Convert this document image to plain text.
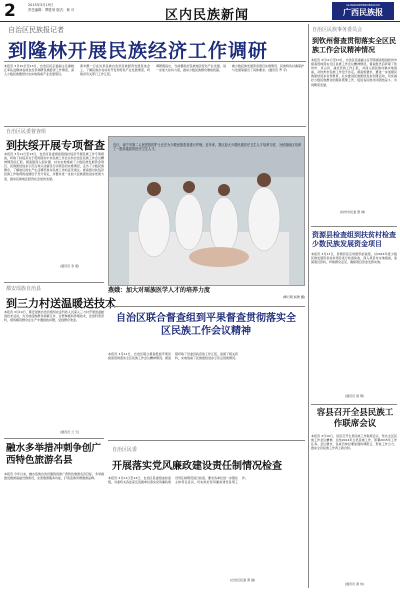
2	2015年3月19日
责任编辑：覃胜划 版式：黄 可	区内民族新闻
GUANGXIMINZUBAO.CN
广西民族报
自治区民族报记者
到隆林开展民族经济工作调研
本报讯 3月10日至13日，自治区民宗委副主任谢晓江率队赴隆林各族自治县调研民族经济工作情况，深入少数民族聚居村屯实地察看产业发展项目。
黄华群一行在该县各族自治县民族经济发展座谈会上，了解民族乡村扶贫开发和特色产业发展情况，听取县有关部门工作汇报。
调研组指出，当前要抓好民族地区特色产业发展，进一步加大扶持力度，推动少数民族群众增收致富。
就少数民族发展资金项目实施情况、民族特色村寨保护与发展等提出了具体要求。(通讯员 罗 宇)
自治区民委督查组
到扶绥开展专项督查
本报讯 3月11日至13日，自治区民委督查组到扶绥县开展民族工作专项督查，听取了扶绥县关于贯彻落实中央民族工作会议和自治区民族工作会议精神情况的汇报。督查组深入到乡镇、村屯实地察看了少数民族发展资金项目、民族团结进步示范点和兴边富民行动项目的实施情况，走访了少数民族群众，了解他们的生产生活情况和对民族工作的意见建议。督查组对扶绥县民族工作取得的成绩给予充分肯定，并要求进一步加大民族团结进步创建力度，推动民族地区经济社会加快发展。
(通讯员 李 昭)
都安瑶族自治县
到三力村送温暖送技术
本报讯 3月10日，都安瑶族自治县组织农业科技人员深入三力村开展送温暖送技术活动，为当地瑶族群众讲解玉米、甘蔗种植和养殖技术，发放科普资料，现场解答群众在生产中遇到的问题，受到群众欢迎。
(通讯员 兰 天)
融水多举措冲刺争创广西特色旅游名县
本报讯 今年以来，融水苗族自治县围绕创建广西特色旅游名县目标，多举措推进旅游基础设施建设，完善旅游服务功能，打造苗族风情旅游品牌。
近日，南宁市第二人民医院的护士正在为少数民族患者进行护理。近年来，我区加大少数民族医疗卫生人才培养力度，为民族地区培养了一批高素质的医疗卫生人才。
燕娥：加大对瑶族医学人才的培养力度
(覃日明 杨勇 摄)
自治区联合督查组到平果督查贯彻落实全区民族工作会议精神
本报讯 3月11日，自治区联合督查组到平果县督查贯彻落实全区民族工作会议精神情况。督查组听取了县委县政府的工作汇报，查阅了相关资料，实地察看了民族团结进步示范点创建情况。
自治区民委
开展落实党风廉政建设责任制情况检查
本报讯 3月11日至13日，自治区民委组成检查组，对委机关各处室及直属单位落实党风廉政建设责任制情况进行检查，要求各单位进一步强化主体责任意识，切实抓好党风廉政建设各项工作。
(自治区民委 黄 瑞)
自治区民族事务委员会
到钦州督查贯彻落实全区民族工作会议精神情况
本报讯 3月11日至13日，自治区民委副主任带领督查组到钦州市督查贯彻落实全区民族工作会议精神情况。督查组先后听取了钦州市、灵山县、浦北县的工作汇报，并深入到民族村寨实地察看，对钦州市民族工作给予肯定。督查组要求，要进一步加强民族团结进步宣传教育，扎实推进民族团结进步创建活动，切实做好少数民族群众的服务管理工作，促进各民族共同团结奋斗、共同繁荣发展。
(钦州市民委 蒙 健)
资源县检查组到扶贫村检查少数民族发展资金项目
本报讯 3月11日，资源县民宗局组织检查组，对2014年度少数民族发展资金扶持项目进行检查验收，深入项目村实地察看，查阅项目资料，听取群众意见，确保项目资金发挥实效。
(通讯员 蒋 晖)
容县召开全县民族工作联席会议
本报讯 3月10日，容县召开全县民族工作联席会议，传达全区民族工作会议精神，总结2014年全县民族工作，部署2015年工作任务。会议要求，各成员单位要加强协调配合，形成工作合力，推动全县民族工作再上新台阶。
(通讯员 黄 伟)
